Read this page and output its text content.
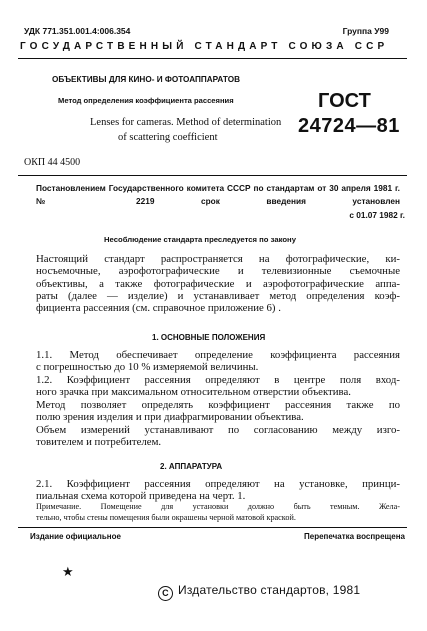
УДК 771.351.001.4:006.354	Группа У99
ГОСУДАРСТВЕННЫЙ СТАНДАРТ СОЮЗА ССР
ОБЪЕКТИВЫ ДЛЯ КИНО- И ФОТОАППАРАТОВ
Метод определения коэффициента рассеяния	ГОСТ
24724—81
Lenses for cameras. Method of determination
of scattering coefficient
ОКП 44 4500
Постановлением Государственного комитета СССР по стандартам от 30 апреля 1981 г. № 2219 срок введения установлен
с 01.07 1982 г.
Несоблюдение стандарта преследуется по закону
Настоящий стандарт распространяется на фотографические, ки-
носъемочные, аэрофотографические и телевизионные съемочные
объективы, а также фотографические и аэрофотографические аппа-
раты (далее — изделие) и устанавливает метод определения коэф-
фициента рассеяния (см. справочное приложение 6) .
1. ОСНОВНЫЕ ПОЛОЖЕНИЯ
1.1. Метод обеспечивает определение коэффициента рассеяния
с погрешностью до 10 % измеряемой величины.
1.2. Коэффициент рассеяния определяют в центре поля вход-
ного зрачка при максимальном относительном отверстии объектива.
Метод позволяет определять коэффициент рассеяния также по
полю зрения изделия и при диафрагмировании объектива.
Объем измерений устанавливают по согласованию между изго-
товителем и потребителем.
2. АППАРАТУРА
2.1. Коэффициент рассеяния определяют на установке, принци-
пиальная схема которой приведена на черт. 1.
Примечание. Помещение для установки должно быть темным. Жела-
тельно, чтобы стены помещения были окрашены черной матовой краской.
Издание официальное	Перепечатка воспрещена
★
C Издательство стандартов, 1981
